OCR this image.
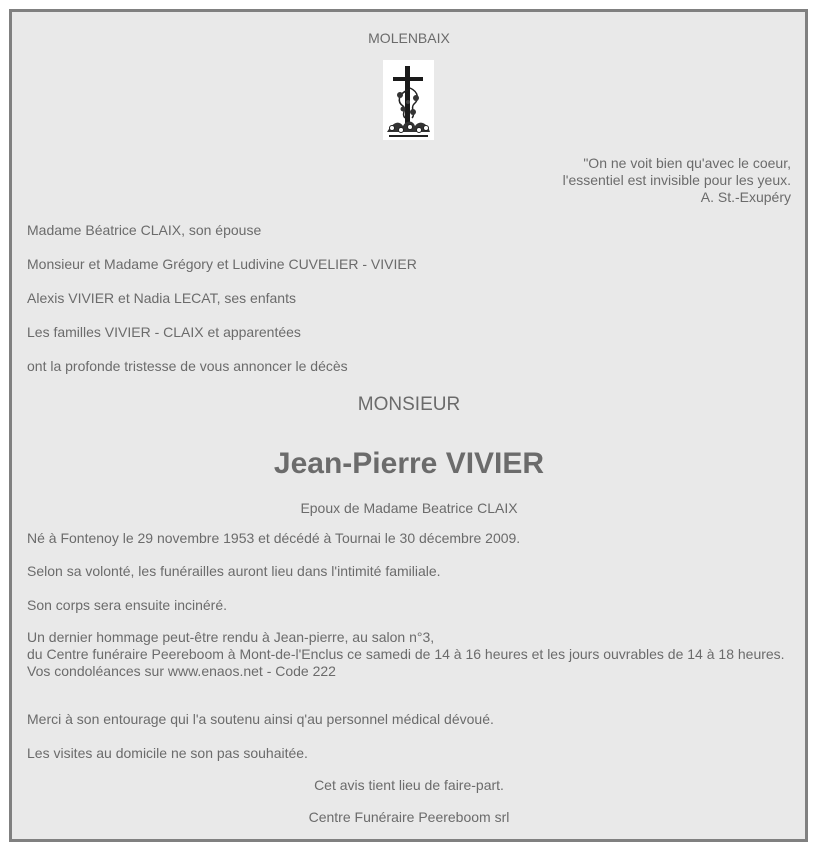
MOLENBAIX
"On ne voit bien qu'avec le coeur,
l'essentiel est invisible pour les yeux.
A. St.-Exupéry
Madame Béatrice CLAIX, son épouse
Monsieur et Madame Grégory et Ludivine CUVELIER - VIVIER
Alexis VIVIER et Nadia LECAT, ses enfants
Les familles VIVIER - CLAIX et apparentées
ont la profonde tristesse de vous annoncer le décès
MONSIEUR
Jean-Pierre VIVIER
Epoux de Madame Beatrice CLAIX
Né à Fontenoy le 29 novembre 1953 et décédé à Tournai le 30 décembre 2009.
Selon sa volonté, les funérailles auront lieu dans l'intimité familiale.
Son corps sera ensuite incinéré.
Un dernier hommage peut-être rendu à Jean-pierre, au salon n°3,
du Centre funéraire Peereboom à Mont-de-l'Enclus ce samedi de 14 à 16 heures et les jours ouvrables de 14 à 18 heures.
Vos condoléances sur www.enaos.net - Code 222
Merci à son entourage qui l'a soutenu ainsi q'au personnel médical dévoué.
Les visites au domicile ne son pas souhaitée.
Cet avis tient lieu de faire-part.
Centre Funéraire Peereboom srl
